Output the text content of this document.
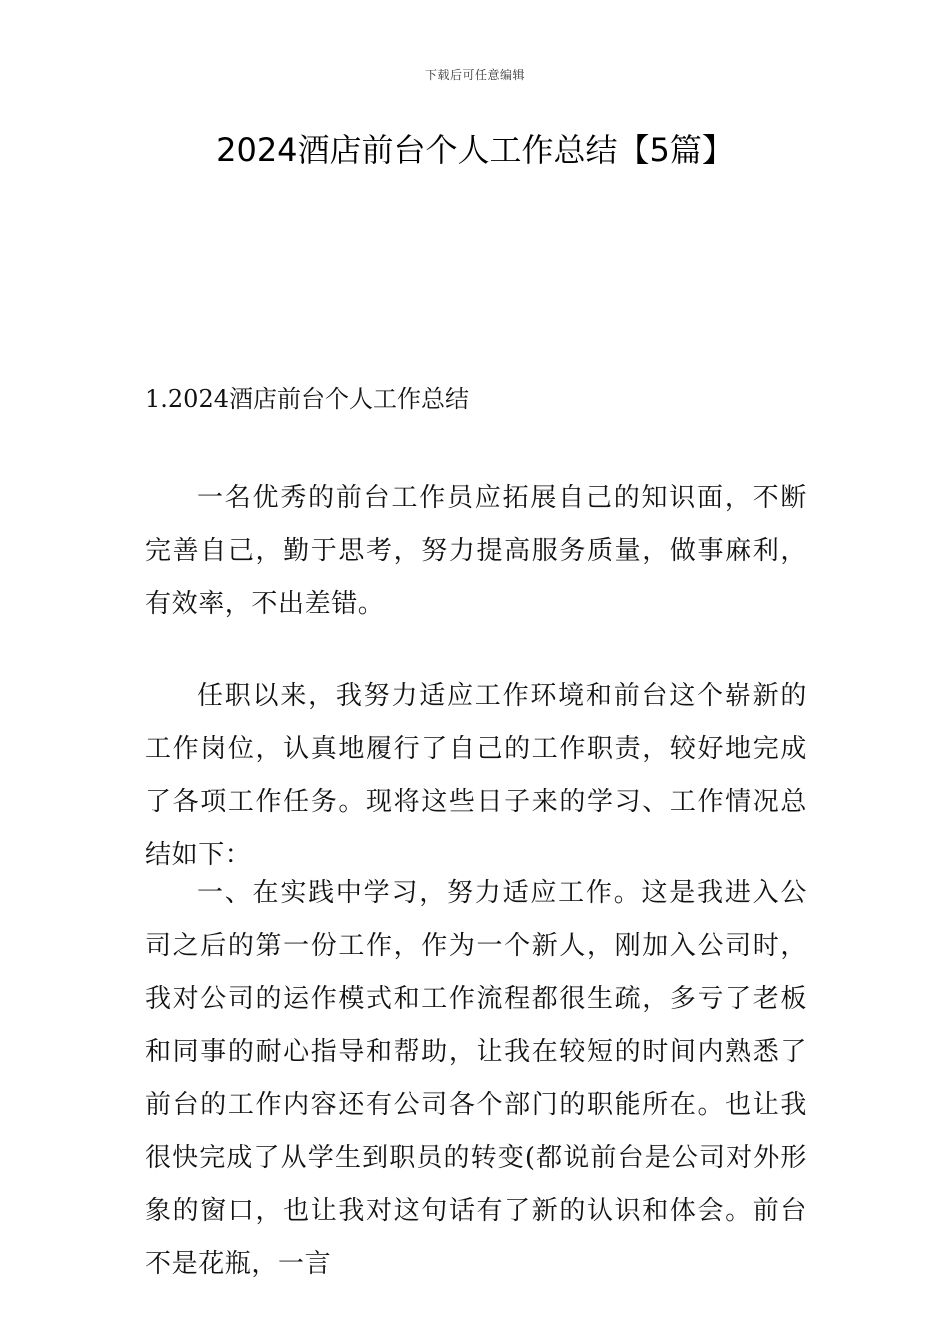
下载后可任意编辑
2024酒店前台个人工作总结【5篇】
1.2024酒店前台个人工作总结

一名优秀的前台工作员应拓展自己的知识面，不断完善自己，勤于思考，努力提高服务质量，做事麻利，有效率，不出差错。

任职以来，我努力适应工作环境和前台这个崭新的工作岗位，认真地履行了自己的工作职责，较好地完成了各项工作任务。现将这些日子来的学习、工作情况总结如下：

一、在实践中学习，努力适应工作。这是我进入公司之后的第一份工作，作为一个新人，刚加入公司时，我对公司的运作模式和工作流程都很生疏，多亏了老板和同事的耐心指导和帮助，让我在较短的时间内熟悉了前台的工作内容还有公司各个部门的职能所在。也让我很快完成了从学生到职员的转变(都说前台是公司对外形象的窗口，也让我对这句话有了新的认识和体会。前台不是花瓶，一言
